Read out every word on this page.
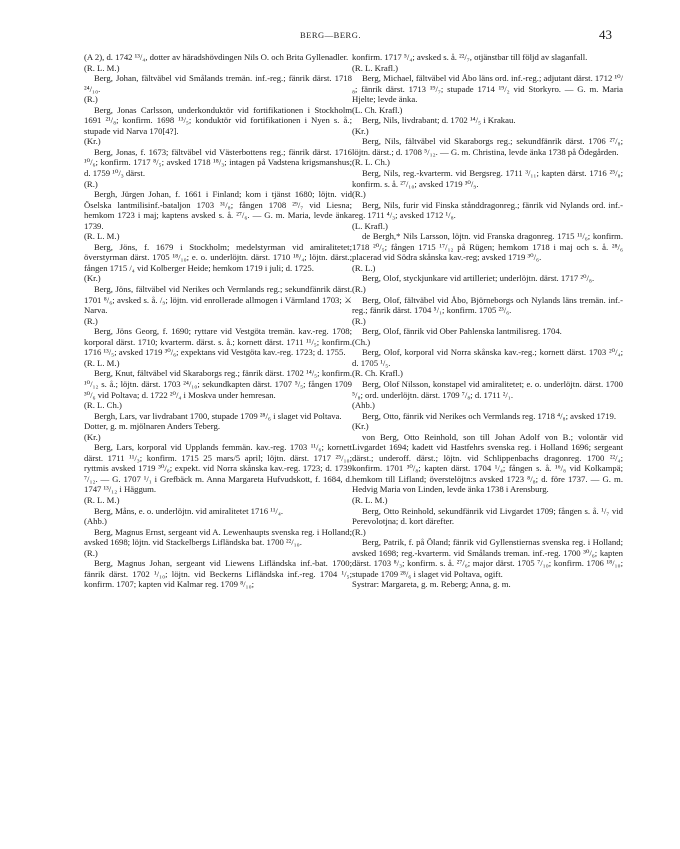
BERG—BERG.	43

(A 2), d. 1742 ¹³/₄, dotter av häradshövdingen Nils O. och Brita Gyllenadler.
(R. L. M.)

Berg, Johan, fältväbel vid Smålands tremän. inf.-reg.; fänrik därst. 1718 ²⁴/₁₀.
(R.)

Berg, Jonas Carlsson, underkonduktör vid fortifikationen i Stockholm 1691 ²¹/₈; konfirm. 1698 ¹³/₅; konduktör vid fortifikationen i Nyen s. å.; stupade vid Narva 170[4?].
(Kr.)

Berg, Jonas, f. 1673; fältväbel vid Västerbottens reg.; fänrik därst. 1716 ¹⁰/₆; konfirm. 1717 ⁸/₅; avsked 1718 ¹⁸/₃; intagen på Vadstena krigsmanshus; d. 1759 ¹⁰/₃ därst.
(R.)

Bergh, Jürgen Johan, f. 1661 i Finland; kom i tjänst 1680; löjtn. vid Öselska lantmilisinf.-bataljon 1703 ³¹/₈; fången 1708 ²⁹/₇ vid Liesna; hemkom 1723 i maj; kaptens avsked s. å. ²⁷/₆. — G. m. Maria, levde änka 1739.
(R. L. M.)

Berg, Jöns, f. 1679 i Stockholm; medelstyrman vid amiralitetet; överstyrman därst. 1705 ¹⁸/₁₀; e. o. underlöjtn. därst. 1710 ¹⁸/₄; löjtn. därst.; fången 1715 /₄ vid Kolberger Heide; hemkom 1719 i juli; d. 1725.
(Kr.)

Berg, Jöns, fältväbel vid Nerikes och Vermlands reg.; sekundfänrik därst. 1701 ⁸/₆; avsked s. å. /₉; löjtn. vid enrollerade allmogen i Värmland 1703; ⚔ Narva.
(R.)

Berg, Jöns Georg, f. 1690; ryttare vid Vestgöta tremän. kav.-reg. 1708; korporal därst. 1710; kvarterm. därst. s. å.; kornett därst. 1711 ¹¹/₅; konfirm. 1716 ¹³/₅; avsked 1719 ³⁰/₆; expektans vid Vestgöta kav.-reg. 1723; d. 1755.
(R. L. M.)

Berg, Knut, fältväbel vid Skaraborgs reg.; fänrik därst. 1702 ¹⁴/₅; konfirm. ¹⁰/₁₂ s. å.; löjtn. därst. 1703 ²⁴/₁₀; sekundkapten därst. 1707 ⁵/₅; fången 1709 ³⁰/₆ vid Poltava; d. 1722 ²⁰/₄ i Moskva under hemresan.
(R. L. Ch.)

Bergh, Lars, var livdrabant 1700, stupade 1709 ²⁸/₆ i slaget vid Poltava.
Dotter, g. m. mjölnaren Anders Teberg.
(Kr.)

Berg, Lars, korporal vid Upplands femmän. kav.-reg. 1703 ¹¹/₆; kornett därst. 1711 ¹¹/₃; konfirm. 1715 25 mars/5 april; löjtn. därst. 1717 ²⁵/₁₀; ryttmis avsked 1719 ³⁰/₆; expekt. vid Norra skånska kav.-reg. 1723; d. 1739 ⁷/₁₂. — G. 1707 ¹/₁ i Grefbäck m. Anna Margareta Hufvudskott, f. 1684, d. 1747 ¹³/₁₂ i Häggum.
(R. L. M.)

Berg, Måns, e. o. underlöjtn. vid amiralitetet 1716 ¹¹/₄.
(Ahb.)

Berg, Magnus Ernst, sergeant vid A. Lewenhaupts svenska reg. i Holland; avsked 1698; löjtn. vid Stackelbergs Lifländska bat. 1700 ²²/₁₀.
(R.)

Berg, Magnus Johan, sergeant vid Liewens Lifländska inf.-bat. 1700; fänrik därst. 1702 ¹/₁₀; löjtn. vid Beckerns Lifländska inf.-reg. 1704 ¹/₅; konfirm. 1707; kapten vid Kalmar reg. 1709 ⁸/₁₀;

konfirm. 1717 ⁵/₄; avsked s. å. ²²/₇, otjänstbar till följd av slaganfall.
(R. L. Krafl.)

Berg, Michael, fältväbel vid Åbo läns ord. inf.-reg.; adjutant därst. 1712 ¹⁰/₈; fänrik därst. 1713 ¹⁹/₇; stupade 1714 ¹⁹/₂ vid Storkyro. — G. m. Maria Hjelte; levde änka.
(L. Ch. Krafl.)

Berg, Nils, livdrabant; d. 1702 ¹⁴/₅ i Krakau.
(Kr.)

Berg, Nils, fältväbel vid Skaraborgs reg.; sekundfänrik därst. 1706 ²⁷/₈; löjtn. därst.; d. 1708 ⁵/₁₂. — G. m. Christina, levde änka 1738 på Ödegården.
(R. L. Ch.)

Berg, Nils, reg.-kvarterm. vid Bergsreg. 1711 ³/₁₁; kapten därst. 1716 ²⁵/₈; konfirm. s. å. ²⁷/₁₀; avsked 1719 ³⁰/₉.
(R.)

Berg, Nils, furir vid Finska stånddragonreg.; fänrik vid Nylands ord. inf.-reg. 1711 ⁴/₃; avsked 1712 ¹/₈.
(L. Krafl.)

de Bergh,* Nils Larsson, löjtn. vid Franska dragonreg. 1715 ¹¹/₆; konfirm. 1718 ²⁰/₅; fången 1715 ¹⁷/₁₂ på Rügen; hemkom 1718 i maj och s. å. ²⁸/₆ placerad vid Södra skånska kav.-reg; avsked 1719 ³⁰/₆.
(R. L.)

Berg, Olof, styckjunkare vid artilleriet; underlöjtn. därst. 1717 ²⁰/₈.
(R.)

Berg, Olof, fältväbel vid Åbo, Björneborgs och Nylands läns tremän. inf.-reg.; fänrik därst. 1704 ⁵/₁; konfirm. 1705 ²³/₆.
(R.)

Berg, Olof, fänrik vid Ober Pahlenska lantmilisreg. 1704.
(Ch.)

Berg, Olof, korporal vid Norra skånska kav.-reg.; kornett därst. 1703 ²⁰/₄; d. 1705 ¹/₅.
(R. Ch. Krafl.)

Berg, Olof Nilsson, konstapel vid amiralitetet; e. o. underlöjtn. därst. 1700 ⁵/₈; ord. underlöjtn. därst. 1709 ⁷/₈; d. 1711 ²/₁.
(Ahb.)

Berg, Otto, fänrik vid Nerikes och Vermlands reg. 1718 ⁴/₈; avsked 1719.
(Kr.)

von Berg, Otto Reinhold, son till Johan Adolf von B.; volontär vid Livgardet 1694; kadett vid Hastfehrs svenska reg. i Holland 1696; sergeant därst.; underoff. därst.; löjtn. vid Schlippenbachs dragonreg. 1700 ²²/₄; konfirm. 1701 ³⁰/₈; kapten därst. 1704 ¹/₄; fången s. å. ¹⁶/₈ vid Kolkampä; hemkom till Lifland; överstelöjtn:s avsked 1723 ⁸/₈; d. före 1737. — G. m. Hedvig Maria von Linden, levde änka 1738 i Arensburg.
(R. L. M.)

Berg, Otto Reinhold, sekundfänrik vid Livgardet 1709; fången s. å. ¹/₇ vid Perevolotjna; d. kort därefter.
(R.)

Berg, Patrik, f. på Öland; fänrik vid Gyllenstiernas svenska reg. i Holland; avsked 1698; reg.-kvarterm. vid Smålands treman. inf.-reg. 1700 ³⁰/₆; kapten därst. 1703 ⁸/₃; konfirm. s. å. ²⁷/₆; major därst. 1705 ⁷/₁₀; konfirm. 1706 ¹⁸/₁₀; stupade 1709 ²⁸/₆ i slaget vid Poltava, ogift.
Systrar: Margareta, g. m. Reberg; Anna, g. m.
